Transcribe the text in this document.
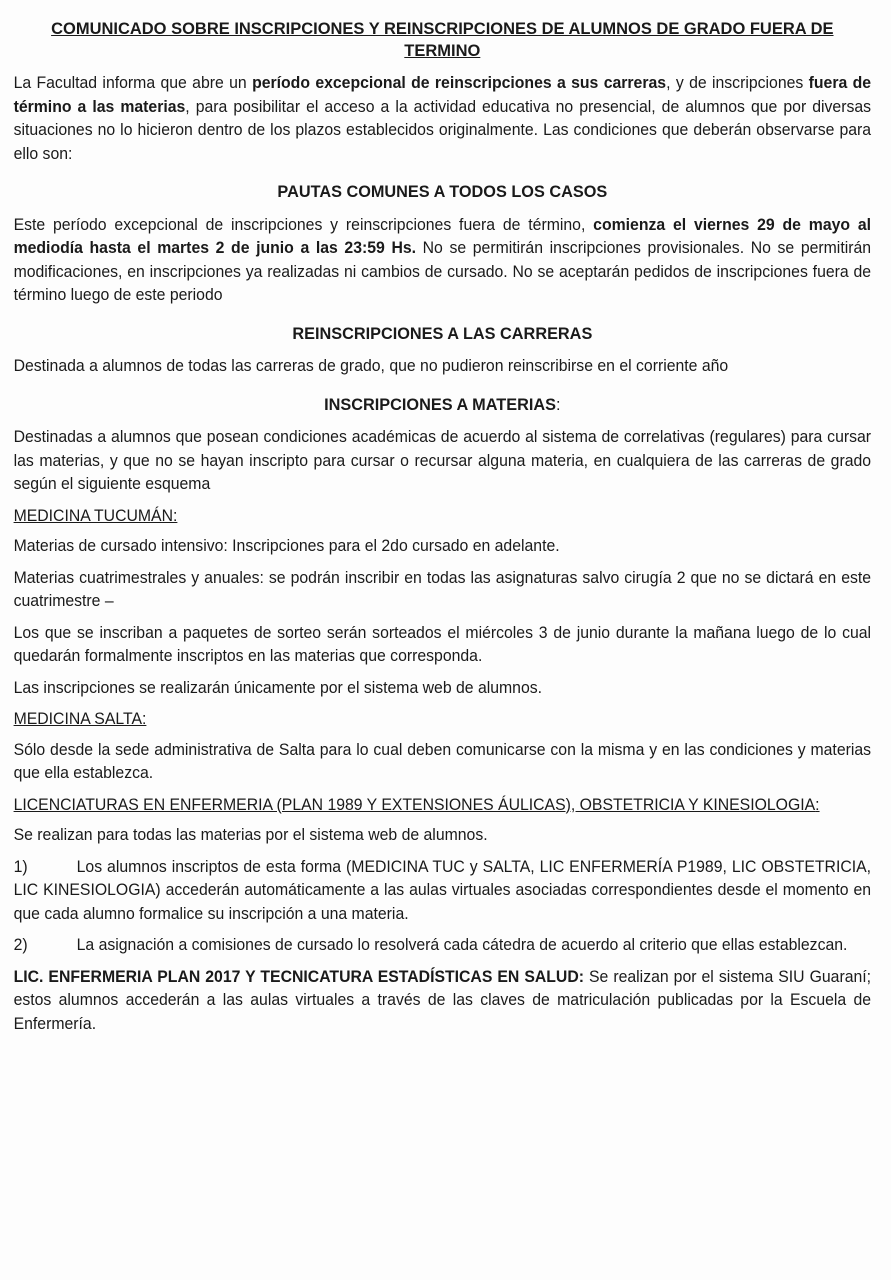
COMUNICADO SOBRE INSCRIPCIONES Y REINSCRIPCIONES DE ALUMNOS DE GRADO FUERA DE TERMINO

La Facultad informa que abre un período excepcional de reinscripciones a sus carreras, y de inscripciones fuera de término a las materias, para posibilitar el acceso a la actividad educativa no presencial, de alumnos que por diversas situaciones no lo hicieron dentro de los plazos establecidos originalmente. Las condiciones que deberán observarse para ello son:

PAUTAS COMUNES A TODOS LOS CASOS

Este período excepcional de inscripciones y reinscripciones fuera de término, comienza el viernes 29 de mayo al mediodía hasta el martes 2 de junio a las 23:59 Hs. No se permitirán inscripciones provisionales. No se permitirán modificaciones, en inscripciones ya realizadas ni cambios de cursado. No se aceptarán pedidos de inscripciones fuera de término luego de este periodo

REINSCRIPCIONES A LAS CARRERAS

Destinada a alumnos de todas las carreras de grado, que no pudieron reinscribirse en el corriente año

INSCRIPCIONES A MATERIAS:

Destinadas a alumnos que posean condiciones académicas de acuerdo al sistema de correlativas (regulares) para cursar las materias, y que no se hayan inscripto para cursar o recursar alguna materia, en cualquiera de las carreras de grado según el siguiente esquema

MEDICINA TUCUMÁN:

Materias de cursado intensivo: Inscripciones para el 2do cursado en adelante.

Materias cuatrimestrales y anuales: se podrán inscribir en todas las asignaturas salvo cirugía 2 que no se dictará en este cuatrimestre –

Los que se inscriban a paquetes de sorteo serán sorteados el miércoles 3 de junio durante la mañana luego de lo cual quedarán formalmente inscriptos en las materias que corresponda.

Las inscripciones se realizarán únicamente por el sistema web de alumnos.

MEDICINA SALTA:

Sólo desde la sede administrativa de Salta para lo cual deben comunicarse con la misma y en las condiciones y materias que ella establezca.

LICENCIATURAS EN ENFERMERIA (PLAN 1989 Y EXTENSIONES ÁULICAS), OBSTETRICIA Y KINESIOLOGIA:

Se realizan para todas las materias por el sistema web de alumnos.

1)	Los alumnos inscriptos de esta forma (MEDICINA TUC y SALTA, LIC ENFERMERÍA P1989, LIC OBSTETRICIA, LIC KINESIOLOGIA) accederán automáticamente a las aulas virtuales asociadas correspondientes desde el momento en que cada alumno formalice su inscripción a una materia.

2)	La asignación a comisiones de cursado lo resolverá cada cátedra de acuerdo al criterio que ellas establezcan.

LIC. ENFERMERIA PLAN 2017 Y TECNICATURA ESTADÍSTICAS EN SALUD: Se realizan por el sistema SIU Guaraní; estos alumnos accederán a las aulas virtuales a través de las claves de matriculación publicadas por la Escuela de Enfermería.
